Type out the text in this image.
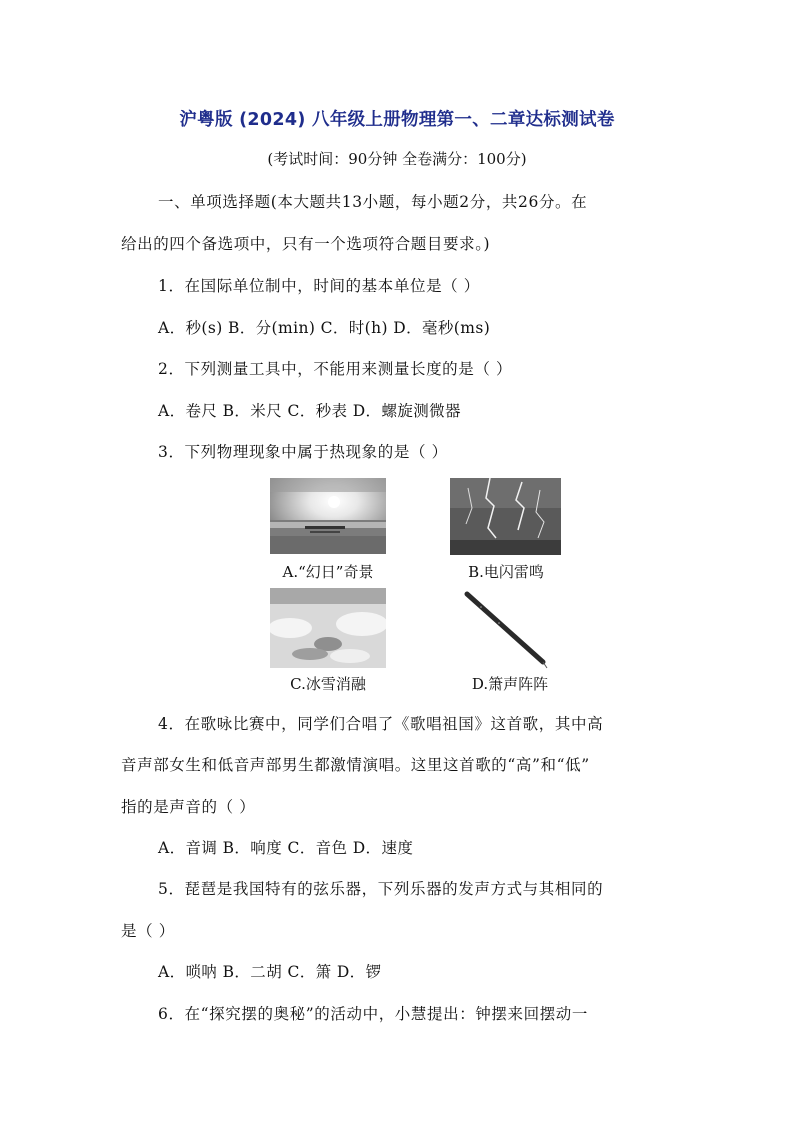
沪粤版 (2024) 八年级上册物理第一、二章达标测试卷
(考试时间：90分钟 全卷满分：100分)
一、单项选择题(本大题共13小题，每小题2分，共26分。在
给出的四个备选项中，只有一个选项符合题目要求。)
1．在国际单位制中，时间的基本单位是（ ）
A．秒(s) B．分(min) C．时(h) D．毫秒(ms)
2．下列测量工具中，不能用来测量长度的是（ ）
A．卷尺 B．米尺 C．秒表 D．螺旋测微器
3．下列物理现象中属于热现象的是（ ）
A.“幻日”奇景	B.电闪雷鸣
C.冰雪消融	D.箫声阵阵
4．在歌咏比赛中，同学们合唱了《歌唱祖国》这首歌，其中高
音声部女生和低音声部男生都激情演唱。这里这首歌的“高”和“低”
指的是声音的（ ）
A．音调 B．响度 C．音色 D．速度
5．琵琶是我国特有的弦乐器，下列乐器的发声方式与其相同的
是（ ）
A．唢呐 B．二胡 C．箫 D．锣
6．在“探究摆的奥秘”的活动中，小慧提出：钟摆来回摆动一
